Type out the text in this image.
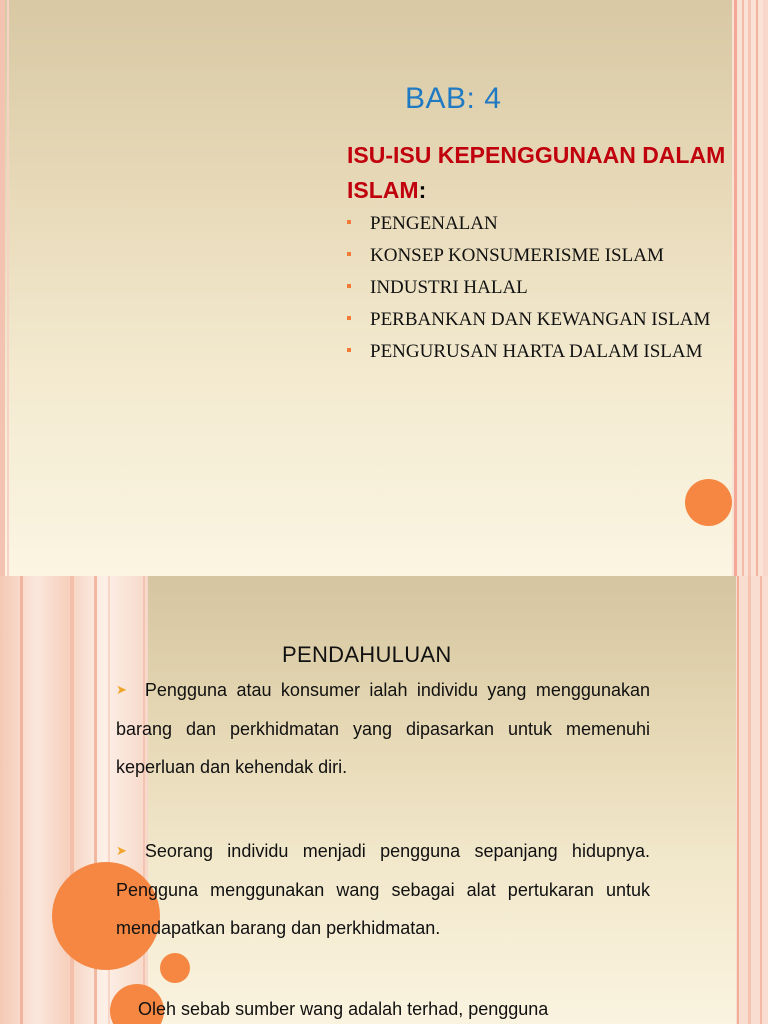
BAB: 4
ISU-ISU KEPENGGUNAAN DALAM ISLAM:
PENGENALAN
KONSEP KONSUMERISME ISLAM
INDUSTRI HALAL
PERBANKAN DAN KEWANGAN ISLAM
PENGURUSAN HARTA DALAM ISLAM
PENDAHULUAN

➤ Pengguna atau konsumer ialah individu yang menggunakan barang dan perkhidmatan yang dipasarkan untuk memenuhi keperluan dan kehendak diri.

➤ Seorang individu menjadi pengguna sepanjang hidupnya. Pengguna menggunakan wang sebagai alat pertukaran untuk mendapatkan barang dan perkhidmatan.

Oleh sebab sumber wang adalah terhad, pengguna
